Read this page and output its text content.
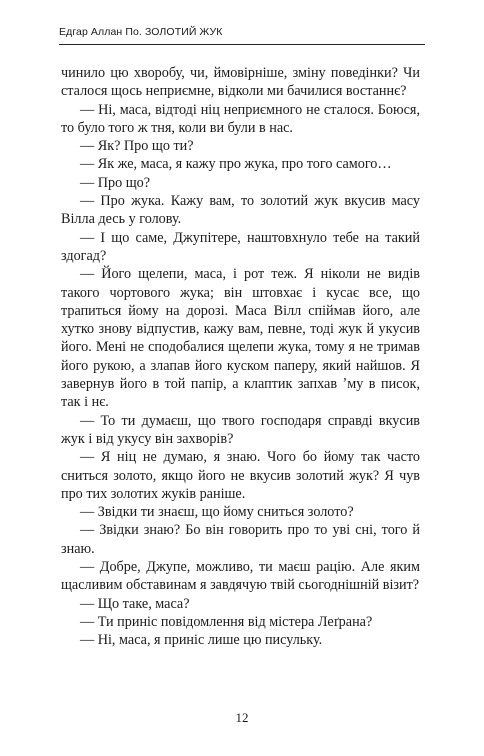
Едгар Аллан По. ЗОЛОТИЙ ЖУК

чинило цю хворобу, чи, ймовірніше, зміну поведінки? Чи сталося щось неприємне, відколи ми бачилися востаннє?

— Ні, маса, відтоді ніц неприємного не сталося. Боюся, то було того ж тня, коли ви були в нас.

— Як? Про що ти?

— Як же, маса, я кажу про жука, про того самого…

— Про що?

— Про жука. Кажу вам, то золотий жук вкусив масу Вілла десь у голову.

— І що саме, Джупітере, наштовхнуло тебе на такий здогад?

— Його щелепи, маса, і рот теж. Я ніколи не видів такого чортового жука; він штовхає і кусає все, що трапиться йому на дорозі. Маса Вілл спіймав його, але хутко знову відпустив, кажу вам, певне, тоді жук й укусив його. Мені не сподобалися щелепи жука, тому я не тримав його рукою, а злапав його куском паперу, який найшов. Я завернув його в той папір, а клаптик запхав ʼму в писок, так і нє.

— То ти думаєш, що твого господаря справді вкусив жук і від укусу він захворів?

— Я ніц не думаю, я знаю. Чого бо йому так часто сниться золото, якщо його не вкусив золотий жук? Я чув про тих золотих жуків раніше.

— Звідки ти знаєш, що йому сниться золото?

— Звідки знаю? Бо він говорить про то уві сні, того й знаю.

— Добре, Джупе, можливо, ти маєш рацію. Але яким щасливим обставинам я завдячую твій сьогоднішній візит?

— Що таке, маса?

— Ти приніс повідомлення від містера Леґрана?

— Ні, маса, я приніс лише цю писульку.

12
